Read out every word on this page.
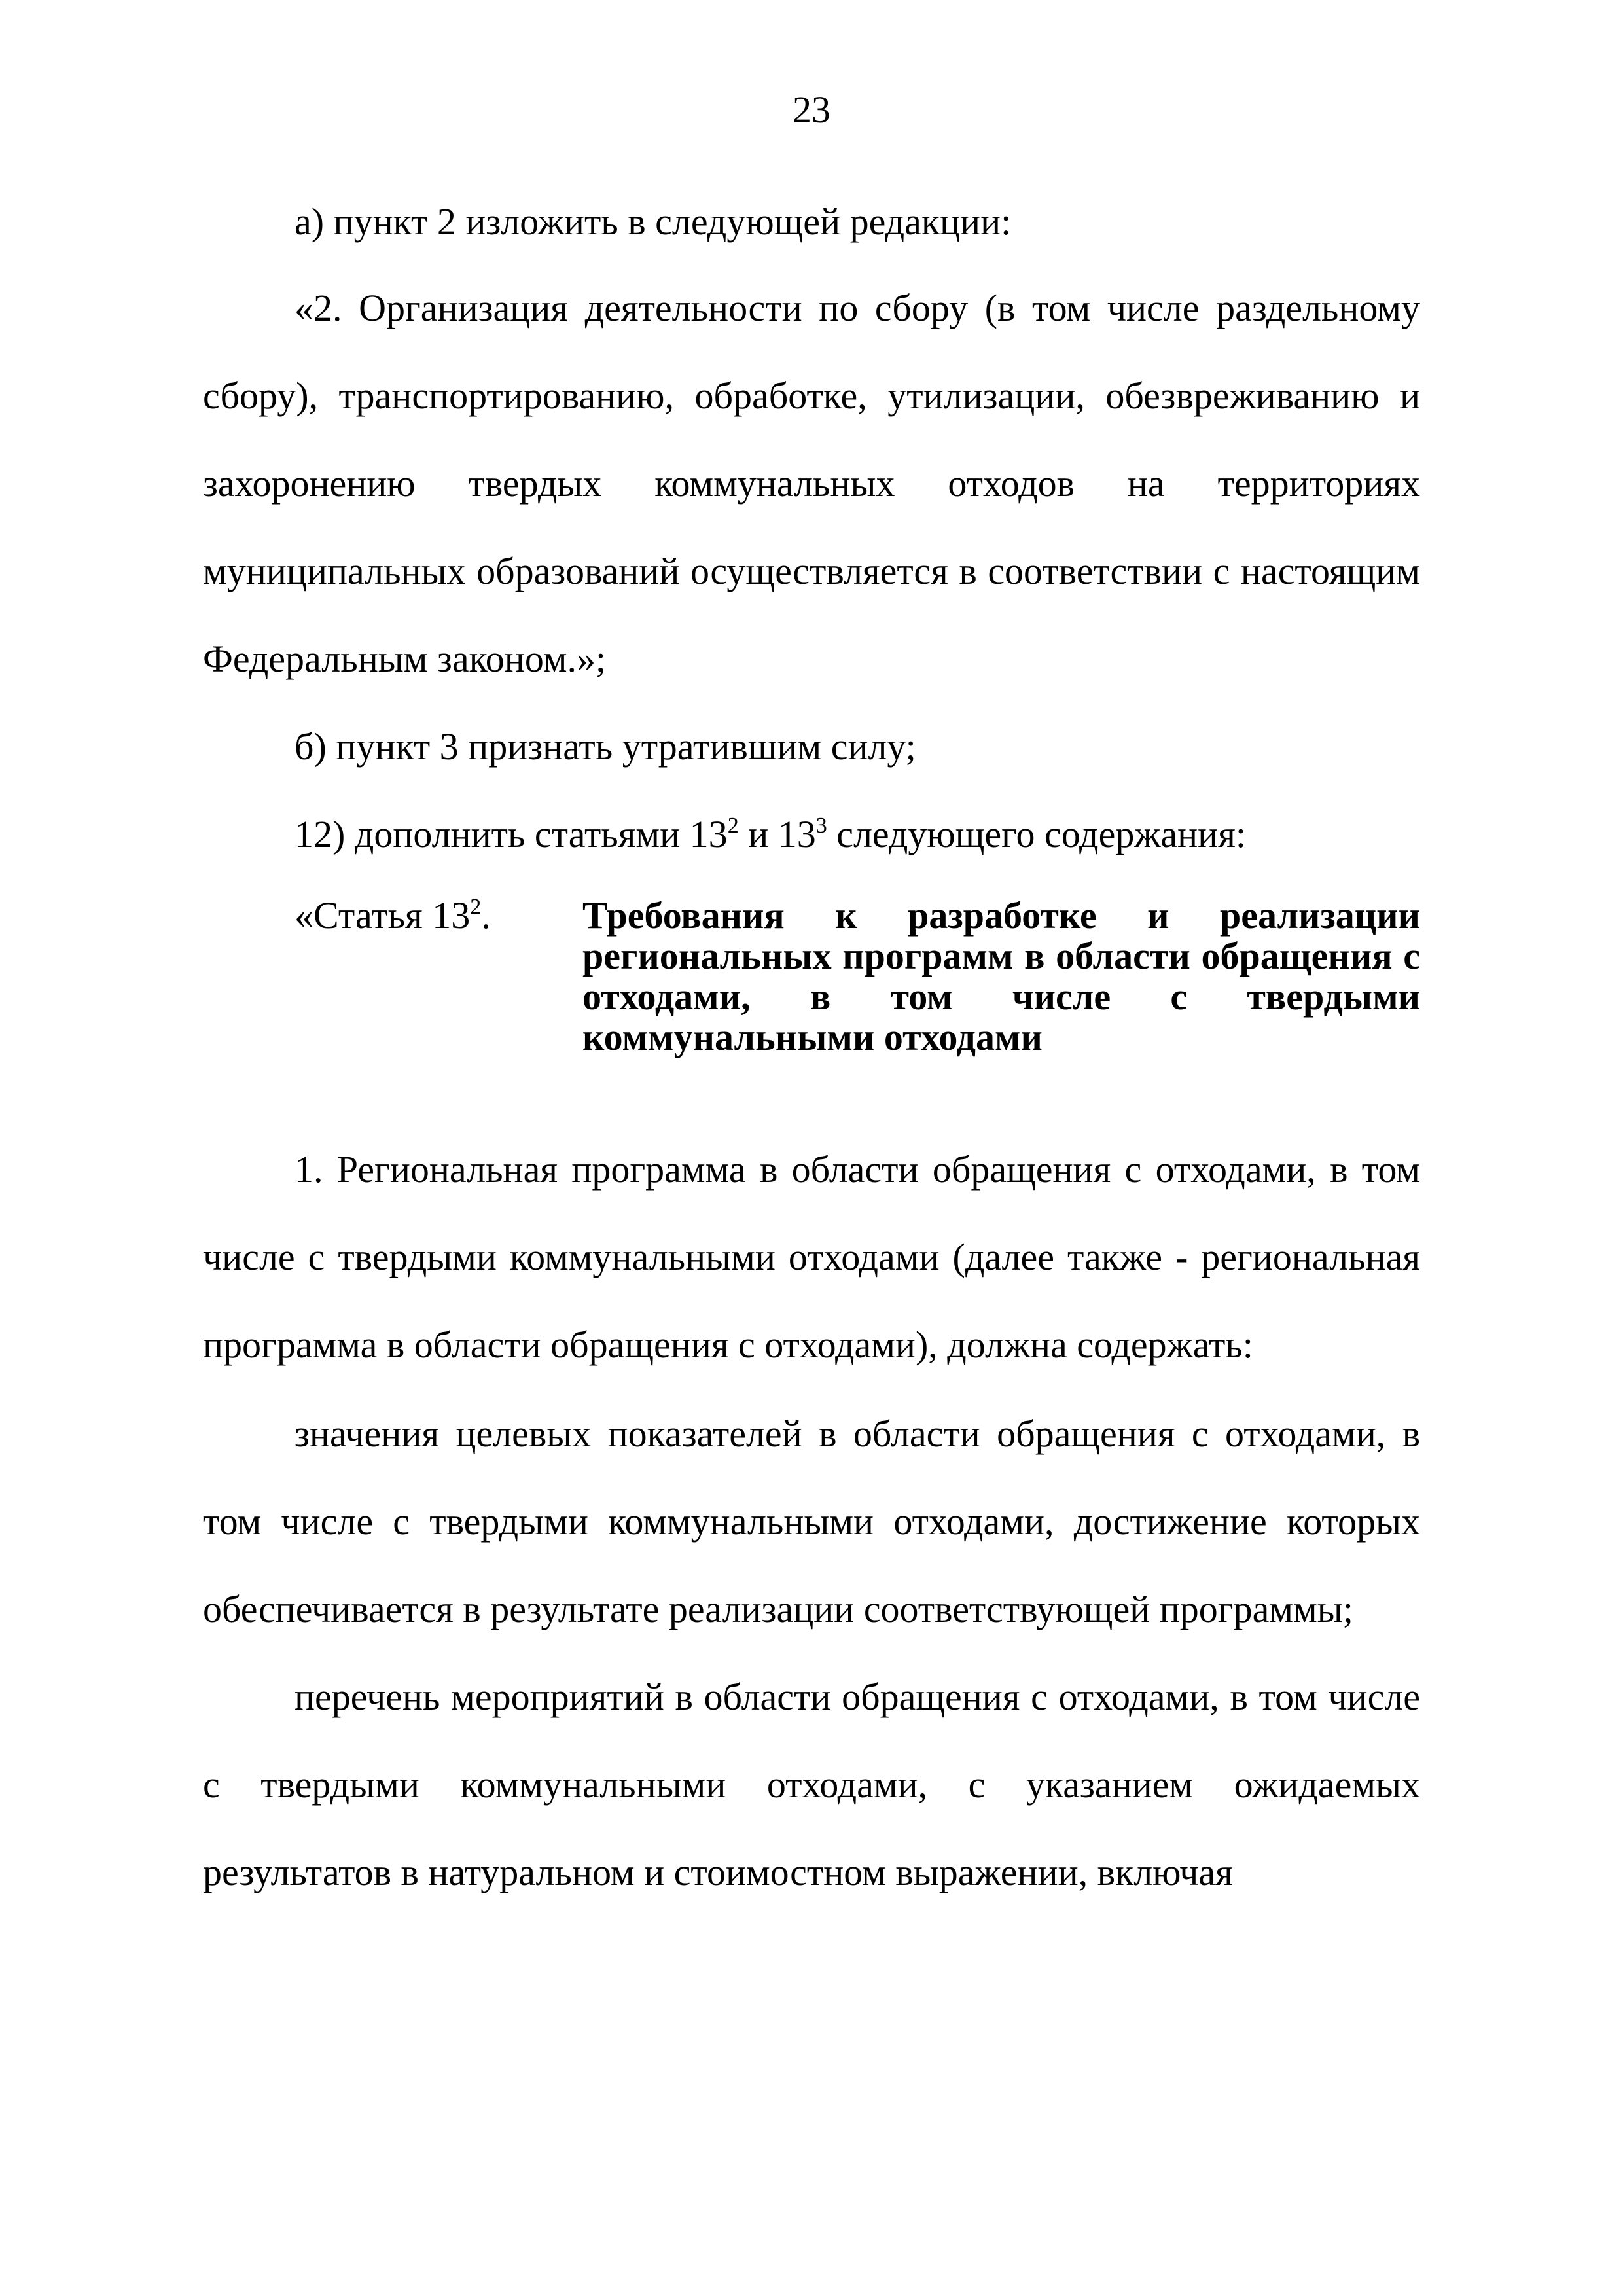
23

а) пункт 2 изложить в следующей редакции:

«2. Организация деятельности по сбору (в том числе раздельному сбору), транспортированию, обработке, утилизации, обезвреживанию и захоронению твердых коммунальных отходов на территориях муниципальных образований осуществляется в соответствии с настоящим Федеральным законом.»;

б) пункт 3 признать утратившим силу;

12) дополнить статьями $13^2$ и $13^3$ следующего содержания:

«Статья $13^2$. Требования к разработке и реализации региональных программ в области обращения с отходами, в том числе с твердыми коммунальными отходами

1. Региональная программа в области обращения с отходами, в том числе с твердыми коммунальными отходами (далее также - региональная программа в области обращения с отходами), должна содержать:

значения целевых показателей в области обращения с отходами, в том числе с твердыми коммунальными отходами, достижение которых обеспечивается в результате реализации соответствующей программы;

перечень мероприятий в области обращения с отходами, в том числе с твердыми коммунальными отходами, с указанием ожидаемых результатов в натуральном и стоимостном выражении, включая
